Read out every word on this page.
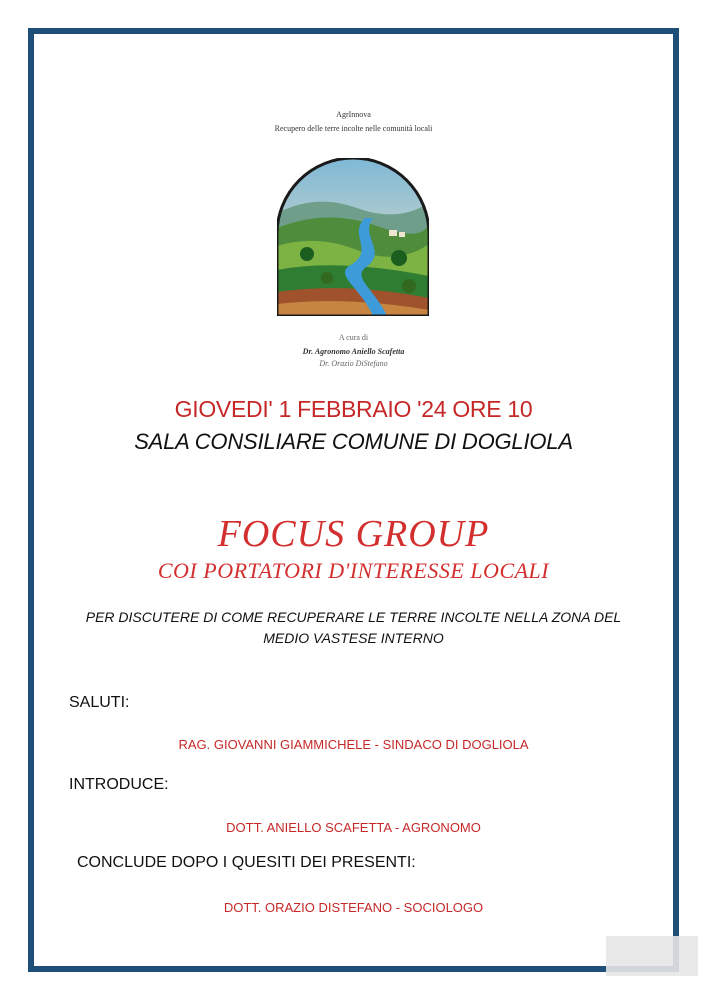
AgrInnova
Recupero delle terre incolte nelle comunità locali
A cura di
Dr. Agronomo Aniello Scafetta
Dr. Orazio DiStefano
GIOVEDI' 1 FEBBRAIO '24 ORE 10
SALA CONSILIARE COMUNE DI DOGLIOLA
FOCUS GROUP
COI PORTATORI D'INTERESSE LOCALI
PER DISCUTERE DI COME RECUPERARE LE TERRE INCOLTE NELLA ZONA DEL
MEDIO VASTESE INTERNO
SALUTI:
RAG. GIOVANNI GIAMMICHELE - SINDACO DI DOGLIOLA
INTRODUCE:
DOTT. ANIELLO SCAFETTA - AGRONOMO
CONCLUDE DOPO I QUESITI DEI PRESENTI:
DOTT. ORAZIO DISTEFANO - SOCIOLOGO
